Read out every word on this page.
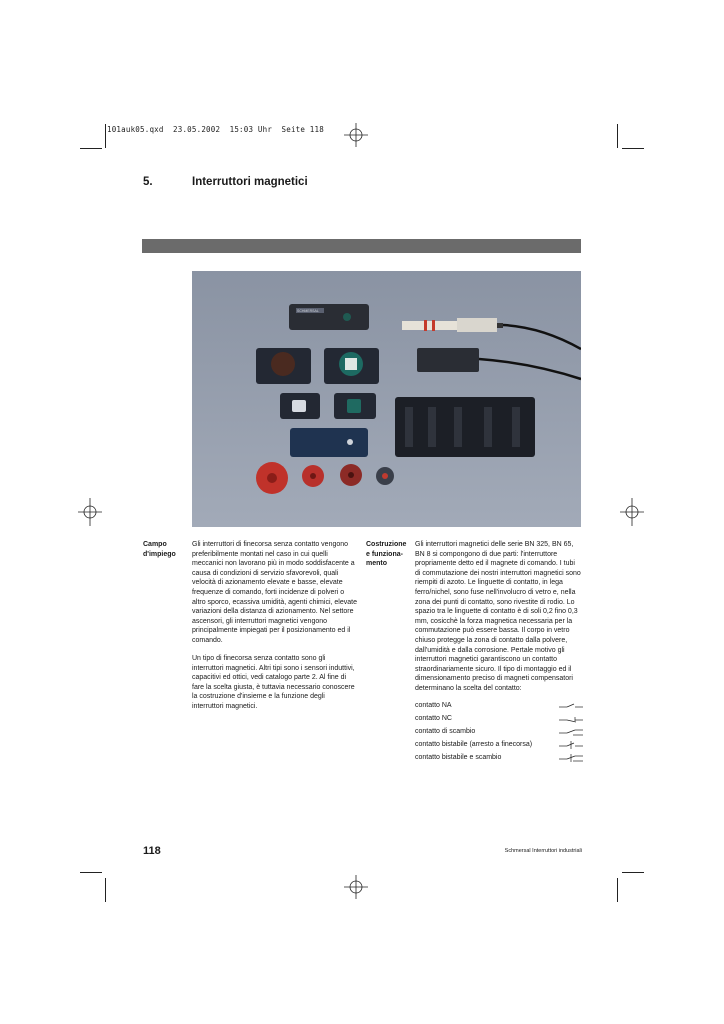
101auk05.qxd 23.05.2002 15:03 Uhr Seite 118
5.	Interruttori magnetici
SCHMERSAL
Campo
d'impiego

Gli interruttori di finecorsa senza contatto vengono preferibilmente montati nel caso in cui quelli meccanici non lavorano più in modo soddisfacente a causa di condizioni di servizio sfavorevoli, quali velocità di azionamento elevate e basse, elevate frequenze di comando, forti incidenze di polveri o altro sporco, ecassiva umidità, agenti chimici, elevate variazioni della distanza di azionamento. Nel settore ascensori, gli interruttori magnetici vengono principalmente impiegati per il posizionamento ed il comando.

Un tipo di finecorsa senza contatto sono gli interruttori magnetici. Altri tipi sono i sensori induttivi, capacitivi ed ottici, vedi catalogo parte 2. Al fine di fare la scelta giusta, è tuttavia necessario conoscere la costruzione d'insieme e la funzione degli interruttori magnetici.

Costruzione
e funziona-
mento

Gli interruttori magnetici delle serie BN 325, BN 65, BN 8 si compongono di due parti: l'interruttore propriamente detto ed il magnete di comando. I tubi di commutazione dei nostri interruttori magnetici sono riempiti di azoto. Le linguette di contatto, in lega ferro/nichel, sono fuse nell'involucro di vetro e, nella zona dei punti di contatto, sono rivestite di rodio. Lo spazio tra le linguette di contatto è di soli 0,2 fino 0,3 mm, cosicchè la forza magnetica necessaria per la commutazione può essere bassa. Il corpo in vetro chiuso protegge la zona di contatto dalla polvere, dall'umidità e dalla corrosione. Pertale motivo gli interruttori magnetici garantiscono un contatto straordinariamente sicuro. Il tipo di montaggio ed il dimensionamento preciso di magneti compensatori determinano la scelta del contatto:

contatto NA
contatto NC
contatto di scambio
contatto bistabile (arresto a finecorsa)
contatto bistabile e scambio
118	Schmersal Interruttori industriali
